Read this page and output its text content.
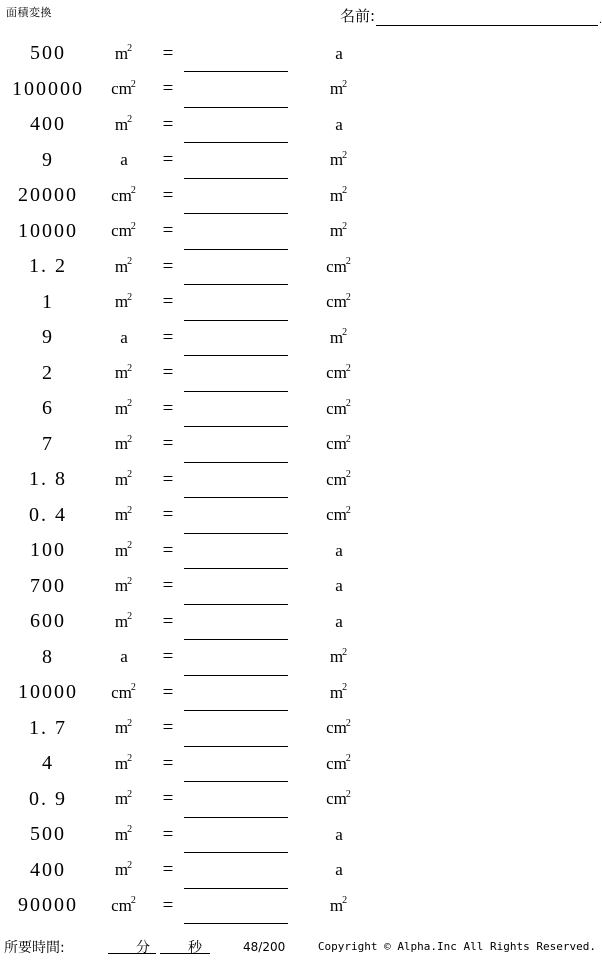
面積変換	名前:	.
500	$m^2$	=	a
100000	$cm^2$	=	$m^2$
400	$m^2$	=	a
9	a	=	$m^2$
20000	$cm^2$	=	$m^2$
10000	$cm^2$	=	$m^2$
1. 2	$m^2$	=	$cm^2$
1	$m^2$	=	$cm^2$
9	a	=	$m^2$
2	$m^2$	=	$cm^2$
6	$m^2$	=	$cm^2$
7	$m^2$	=	$cm^2$
1. 8	$m^2$	=	$cm^2$
0. 4	$m^2$	=	$cm^2$
100	$m^2$	=	a
700	$m^2$	=	a
600	$m^2$	=	a
8	a	=	$m^2$
10000	$cm^2$	=	$m^2$
1. 7	$m^2$	=	$cm^2$
4	$m^2$	=	$cm^2$
0. 9	$m^2$	=	$cm^2$
500	$m^2$	=	a
400	$m^2$	=	a
90000	$cm^2$	=	$m^2$
所要時間:	分	秒	48/200	Copyright © Alpha.Inc All Rights Reserved.
